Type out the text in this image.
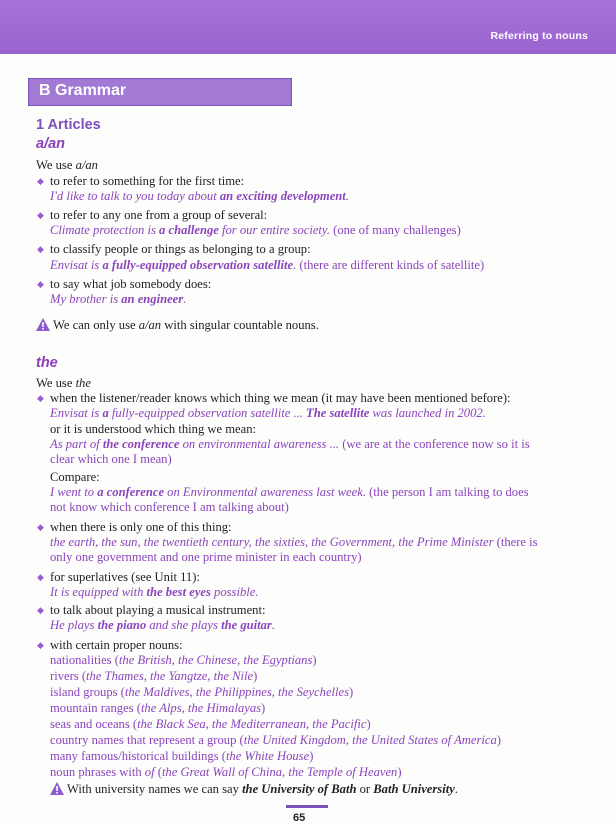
Referring to nouns
B Grammar
1 Articles
a/an
We use a/an
◆ to refer to something for the first time:
I'd like to talk to you today about an exciting development.
◆ to refer to any one from a group of several:
Climate protection is a challenge for our entire society. (one of many challenges)
◆ to classify people or things as belonging to a group:
Envisat is a fully-equipped observation satellite. (there are different kinds of satellite)
◆ to say what job somebody does:
My brother is an engineer.
We can only use a/an with singular countable nouns.
the
We use the
◆ when the listener/reader knows which thing we mean (it may have been mentioned before):
Envisat is a fully-equipped observation satellite ... The satellite was launched in 2002.
or it is understood which thing we mean:
As part of the conference on environmental awareness ... (we are at the conference now so it is
clear which one I mean)
Compare:
I went to a conference on Environmental awareness last week. (the person I am talking to does
not know which conference I am talking about)
◆ when there is only one of this thing:
the earth, the sun, the twentieth century, the sixties, the Government, the Prime Minister (there is
only one government and one prime minister in each country)
◆ for superlatives (see Unit 11):
It is equipped with the best eyes possible.
◆ to talk about playing a musical instrument:
He plays the piano and she plays the guitar.
◆ with certain proper nouns:
nationalities (the British, the Chinese, the Egyptians)
rivers (the Thames, the Yangtze, the Nile)
island groups (the Maldives, the Philippines, the Seychelles)
mountain ranges (the Alps, the Himalayas)
seas and oceans (the Black Sea, the Mediterranean, the Pacific)
country names that represent a group (the United Kingdom, the United States of America)
many famous/historical buildings (the White House)
noun phrases with of (the Great Wall of China, the Temple of Heaven)
With university names we can say the University of Bath or Bath University.
65
